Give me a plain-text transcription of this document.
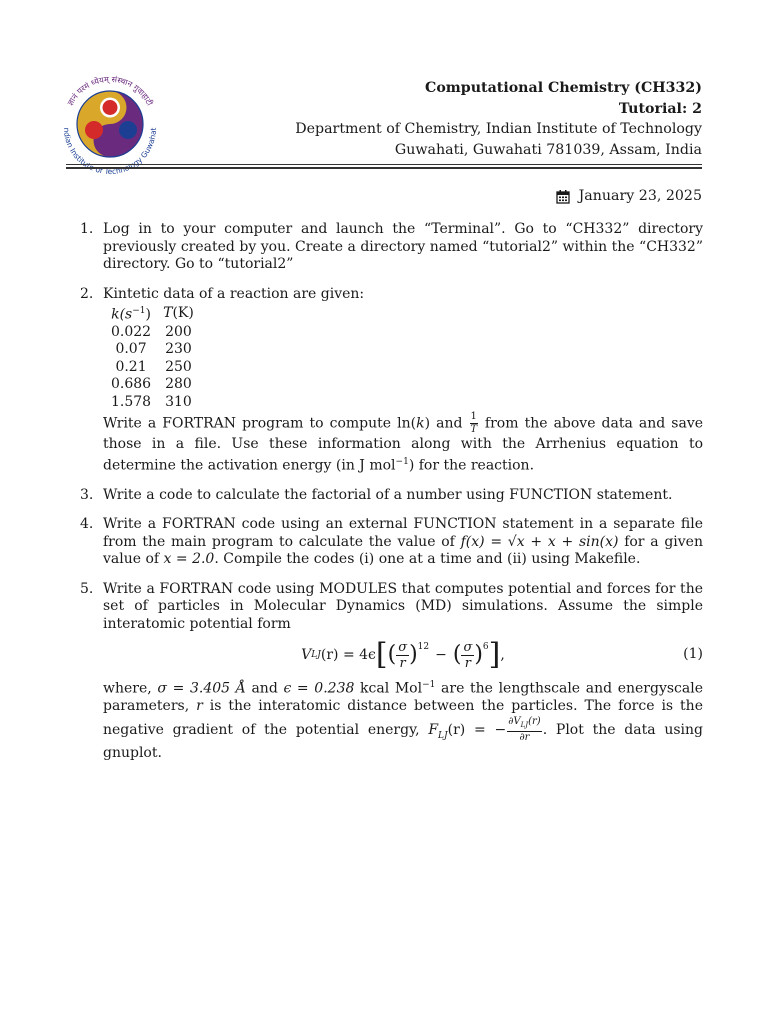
ज्ञानं परमं ध्येयम् संस्थान गुवाहाटी
ndian Institute of Technology Guwahat
Computational Chemistry (CH332)
Tutorial: 2
Department of Chemistry, Indian Institute of Technology
Guwahati, Guwahati 781039, Assam, India
January 23, 2025
1. Log in to your computer and launch the “Terminal”. Go to “CH332” directory previously created by you. Create a directory named “tutorial2” within the “CH332” directory. Go to “tutorial2”
2. Kintetic data of a reaction are given:
$k(s^{-1})$	T(K)
0.022	200
0.07	230
0.21	250
0.686	280
1.578	310
Write a FORTRAN program to compute ln(k) and $\frac{1}{T}$ from the above data and save those in a file. Use these information along with the Arrhenius equation to determine the activation energy (in J mol$^{-1}$) for the reaction.
3. Write a code to calculate the factorial of a number using FUNCTION statement.
4. Write a FORTRAN code using an external FUNCTION statement in a separate file from the main program to calculate the value of f(x) = √x + x + sin(x) for a given value of x = 2.0. Compile the codes (i) one at a time and (ii) using Makefile.
5. Write a FORTRAN code using MODULES that computes potential and forces for the set of particles in Molecular Dynamics (MD) simulations. Assume the simple interatomic potential form
V LJ (r) = 4ϵ [ ( σ
r )$^{12}$ − ( σ
r )$^6$ ] ,	(1)
where, σ = 3.405 Å and ϵ = 0.238 kcal Mol$^{-1}$ are the lengthscale and energyscale parameters, r is the interatomic distance between the particles. The force is the negative gradient of the potential energy, $F_{LJ}(r)$ = − $\frac{\partial V_{LJ}(r)}{\partial r}$ . Plot the data using gnuplot.
